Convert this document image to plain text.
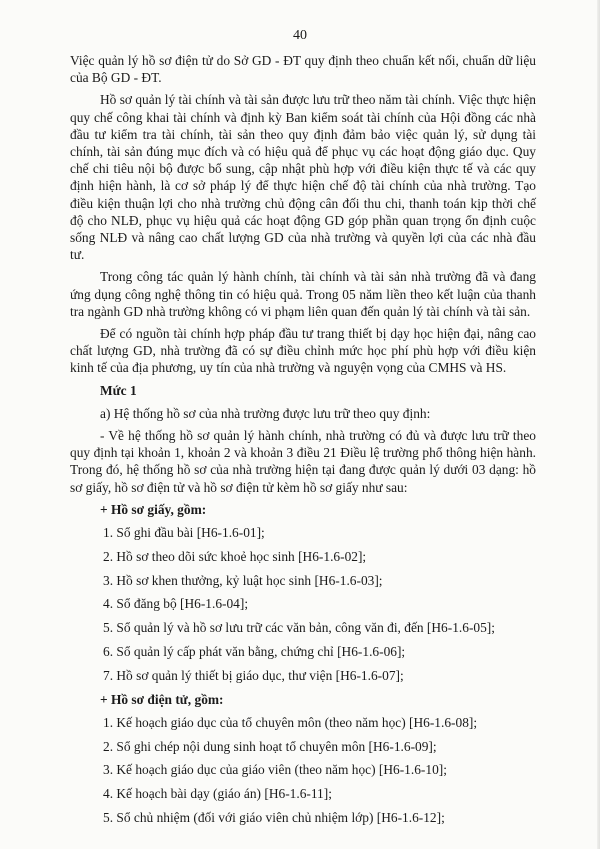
40

Việc quản lý hồ sơ điện tử do Sở GD - ĐT quy định theo chuẩn kết nối, chuẩn dữ liệu của Bộ GD - ĐT.

Hồ sơ quản lý tài chính và tài sản được lưu trữ theo năm tài chính. Việc thực hiện quy chế công khai tài chính và định kỳ Ban kiểm soát tài chính của Hội đồng các nhà đầu tư kiểm tra tài chính, tài sản theo quy định đảm bảo việc quản lý, sử dụng tài chính, tài sản đúng mục đích và có hiệu quả để phục vụ các hoạt động giáo dục. Quy chế chi tiêu nội bộ được bổ sung, cập nhật phù hợp với điều kiện thực tế và các quy định hiện hành, là cơ sở pháp lý để thực hiện chế độ tài chính của nhà trường. Tạo điều kiện thuận lợi cho nhà trường chủ động cân đối thu chi, thanh toán kịp thời chế độ cho NLĐ, phục vụ hiệu quả các hoạt động GD góp phần quan trọng ổn định cuộc sống NLĐ và nâng cao chất lượng GD của nhà trường và quyền lợi của các nhà đầu tư.

Trong công tác quản lý hành chính, tài chính và tài sản nhà trường đã và đang ứng dụng công nghệ thông tin có hiệu quả. Trong 05 năm liền theo kết luận của thanh tra ngành GD nhà trường không có vi phạm liên quan đến quản lý tài chính và tài sản.

Để có nguồn tài chính hợp pháp đầu tư trang thiết bị dạy học hiện đại, nâng cao chất lượng GD, nhà trường đã có sự điều chỉnh mức học phí phù hợp với điều kiện kinh tế của địa phương, uy tín của nhà trường và nguyện vọng của CMHS và HS.

Mức 1

a) Hệ thống hồ sơ của nhà trường được lưu trữ theo quy định:

- Về hệ thống hồ sơ quản lý hành chính, nhà trường có đủ và được lưu trữ theo quy định tại khoản 1, khoản 2 và khoản 3 điều 21 Điều lệ trường phổ thông hiện hành. Trong đó, hệ thống hồ sơ của nhà trường hiện tại đang được quản lý dưới 03 dạng: hồ sơ giấy, hồ sơ điện tử và hồ sơ điện tử kèm hồ sơ giấy như sau:

+ Hồ sơ giấy, gồm:

1. Sổ ghi đầu bài [H6-1.6-01];
2. Hồ sơ theo dõi sức khoẻ học sinh [H6-1.6-02];
3. Hồ sơ khen thưởng, kỷ luật học sinh [H6-1.6-03];
4. Sổ đăng bộ [H6-1.6-04];
5. Sổ quản lý và hồ sơ lưu trữ các văn bản, công văn đi, đến [H6-1.6-05];
6. Sổ quản lý cấp phát văn bằng, chứng chỉ [H6-1.6-06];
7. Hồ sơ quản lý thiết bị giáo dục, thư viện [H6-1.6-07];

+ Hồ sơ điện tử, gồm:

1. Kế hoạch giáo dục của tổ chuyên môn (theo năm học) [H6-1.6-08];
2. Sổ ghi chép nội dung sinh hoạt tổ chuyên môn [H6-1.6-09];
3. Kế hoạch giáo dục của giáo viên (theo năm học) [H6-1.6-10];
4. Kế hoạch bài dạy (giáo án) [H6-1.6-11];
5. Sổ chủ nhiệm (đối với giáo viên chủ nhiệm lớp) [H6-1.6-12];
